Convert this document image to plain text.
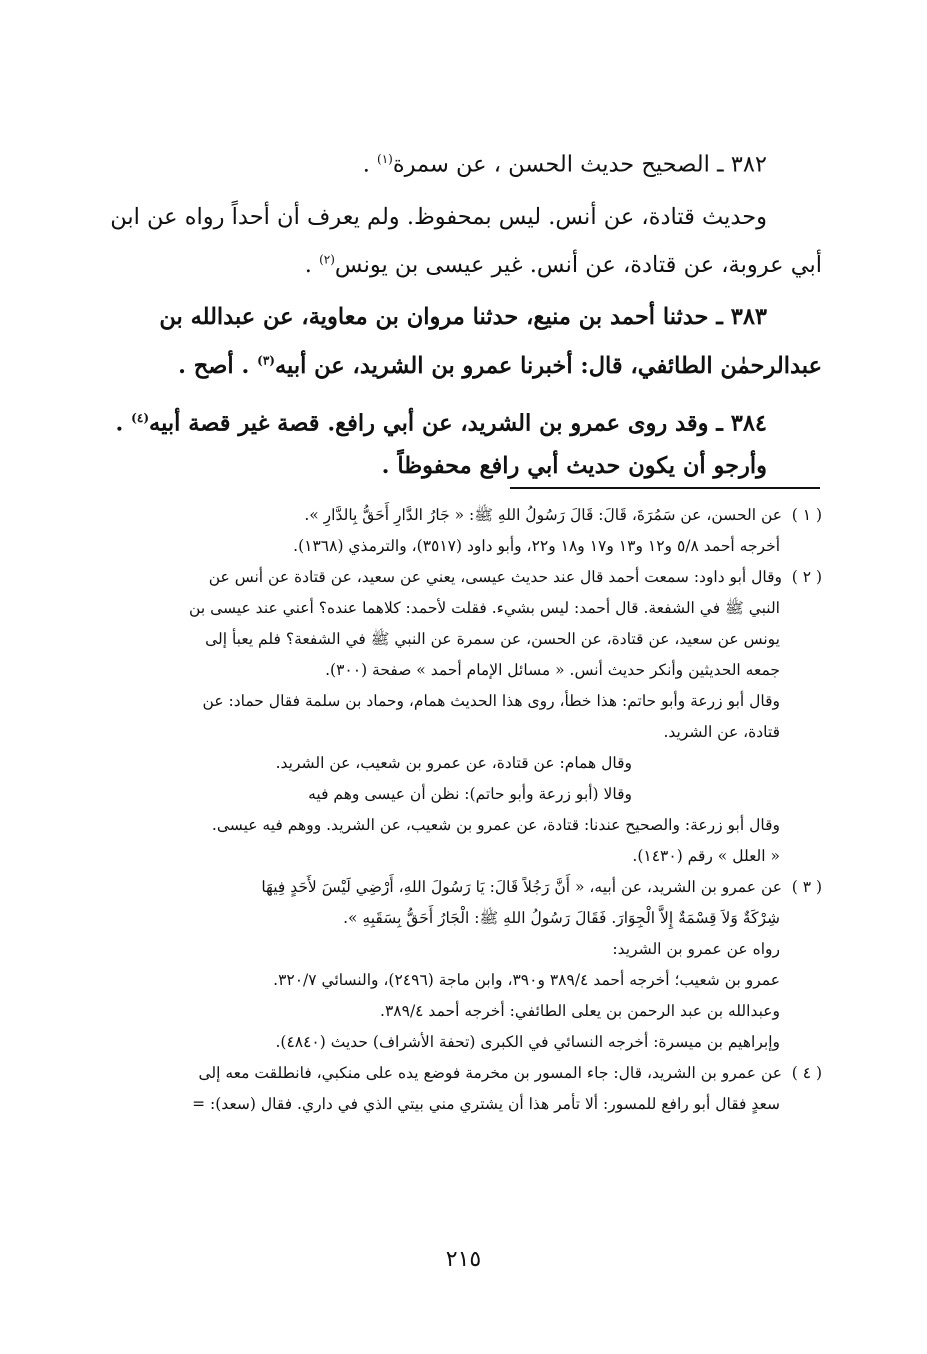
٣٨٢ ـ الصحيح حديث الحسن ، عن سمرة$^{(١)}$ .

وحديث قتادة، عن أنس. ليس بمحفوظ. ولم يعرف أن أحداً رواه عن ابن
أبي عروبة، عن قتادة، عن أنس. غير عيسى بن يونس$^{(٢)}$ .

٣٨٣ ـ حدثنا أحمد بن منيع، حدثنا مروان بن معاوية، عن عبدالله بن
عبدالرحمٰن الطائفي، قال: أخبرنا عمرو بن الشريد، عن أبيه$^{(٣)}$ . أصح .

٣٨٤ ـ وقد روى عمرو بن الشريد، عن أبي رافع. قصة غير قصة أبيه$^{(٤)}$ .
وأرجو أن يكون حديث أبي رافع محفوظاً .

( ١ )عن الحسن، عن سَمُرَةَ، قَالَ: قَالَ رَسُولُ اللهِ ﷺ: « جَارُ الدَّارِ أَحَقُّ بِالدَّارِ ».
أخرجه أحمد ٥/٨ و١٢ و١٣ و١٧ و١٨ و٢٢، وأبو داود (٣٥١٧)، والترمذي (١٣٦٨).
( ٢ )وقال أبو داود: سمعت أحمد قال عند حديث عيسى، يعني عن سعيد، عن قتادة عن أنس عن
النبي ﷺ في الشفعة. قال أحمد: ليس بشيء. فقلت لأحمد: كلاهما عنده؟ أعني عند عيسى بن
يونس عن سعيد، عن قتادة، عن الحسن، عن سمرة عن النبي ﷺ في الشفعة؟ فلم يعبأ إلى
جمعه الحديثين وأنكر حديث أنس. « مسائل الإمام أحمد » صفحة (٣٠٠).
وقال أبو زرعة وأبو حاتم: هذا خطأ، روى هذا الحديث همام، وحماد بن سلمة فقال حماد: عن
قتادة، عن الشريد.
وقال همام: عن قتادة، عن عمرو بن شعيب، عن الشريد.
وقالا (أبو زرعة وأبو حاتم): نظن أن عيسى وهم فيه
وقال أبو زرعة: والصحيح عندنا: قتادة، عن عمرو بن شعيب، عن الشريد. ووهم فيه عيسى.
« العلل » رقم (١٤٣٠).
( ٣ )عن عمرو بن الشريد، عن أبيه، « أَنَّ رَجُلاً قَالَ: يَا رَسُولَ اللهِ، أَرْضِي لَيْسَ لأَحَدٍ فِيهَا
شِرْكَةٌ وَلاَ قِسْمَةٌ إِلاَّ الْجِوَارَ. فَقَالَ رَسُولُ اللهِ ﷺ: الْجَارُ أَحَقُّ بِسَقَبِهِ ».
رواه عن عمرو بن الشريد:
عمرو بن شعيب؛ أخرجه أحمد ٣٨٩/٤ و٣٩٠، وابن ماجة (٢٤٩٦)، والنسائي ٣٢٠/٧.
وعبدالله بن عبد الرحمن بن يعلى الطائفي: أخرجه أحمد ٣٨٩/٤.
وإبراهيم بن ميسرة: أخرجه النسائي في الكبرى (تحفة الأشراف) حديث (٤٨٤٠).
( ٤ )عن عمرو بن الشريد، قال: جاء المسور بن مخرمة فوضع يده على منكبي، فانطلقت معه إلى
سعدٍ فقال أبو رافع للمسور: ألا تأمر هذا أن يشتري مني بيتي الذي في داري. فقال (سعد): =
٢١٥
